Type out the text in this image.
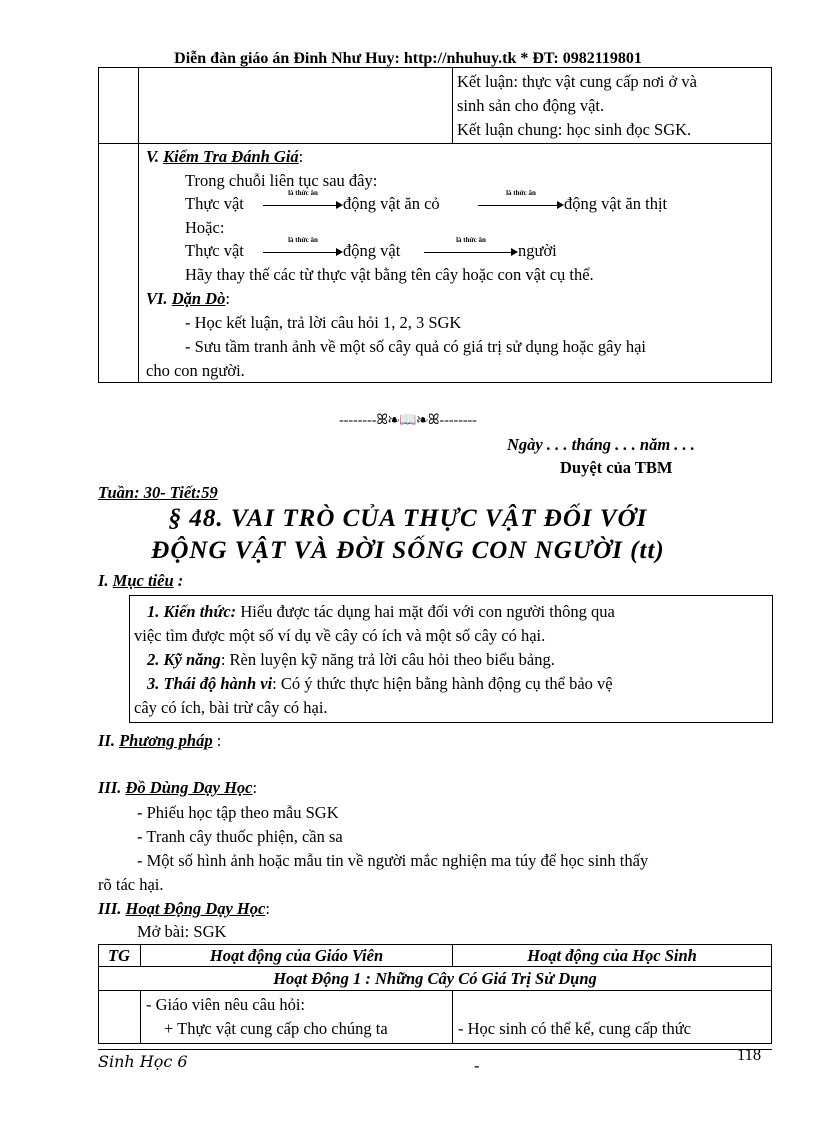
Diễn đàn giáo án Đinh Như Huy: http://nhuhuy.tk * ĐT: 0982119801
Kết luận: thực vật cung cấp nơi ở và
sinh sản cho động vật.
Kết luận chung: học sinh đọc SGK.
V. Kiểm Tra Đánh Giá:
Trong chuỗi liên tục sau đây:
Thực vật
là thức ăn
động vật ăn cỏ
là thức ăn
động vật ăn thịt
Hoặc:
Thực vật
là thức ăn
động vật
là thức ăn
người
Hãy thay thế các từ thực vật bằng tên cây hoặc con vật cụ thể.
VI. Dặn Dò:
- Học kết luận, trả lời câu hỏi 1, 2, 3 SGK
- Sưu tầm tranh ảnh về một số cây quả có giá trị sử dụng hoặc gây hại
cho con người.
--------ꕤ❧📖❧ꕤ--------
Ngày . . . tháng . . . năm . . .
Duyệt của TBM
Tuần: 30- Tiết:59
§ 48. VAI TRÒ CỦA THỰC VẬT ĐỐI VỚI
ĐỘNG VẬT VÀ ĐỜI SỐNG CON NGƯỜI (tt)
I. Mục tiêu :
1. Kiến thức: Hiểu được tác dụng hai mặt đối với con người thông qua
việc tìm được một số ví dụ về cây có ích và một số cây có hại.
2. Kỹ năng: Rèn luyện kỹ năng trả lời câu hỏi theo biểu bảng.
3. Thái độ hành vi: Có ý thức thực hiện bằng hành động cụ thể bảo vệ
cây có ích, bài trừ cây có hại.
II. Phương pháp :
III. Đồ Dùng Dạy Học:
- Phiếu học tập theo mẫu SGK
- Tranh cây thuốc phiện, cần sa
- Một số hình ảnh hoặc mẫu tin về người mắc nghiện ma túy để học sinh thấy
rõ tác hại.
III. Hoạt Động Dạy Học:
Mở bài: SGK
TG	Hoạt động của Giáo Viên	Hoạt động của Học Sinh
Hoạt Động 1 : Những Cây Có Giá Trị Sử Dụng
- Giáo viên nêu câu hỏi:
+ Thực vật cung cấp cho chúng ta	- Học sinh có thể kể, cung cấp thức
Sinh Học 6	-
118
